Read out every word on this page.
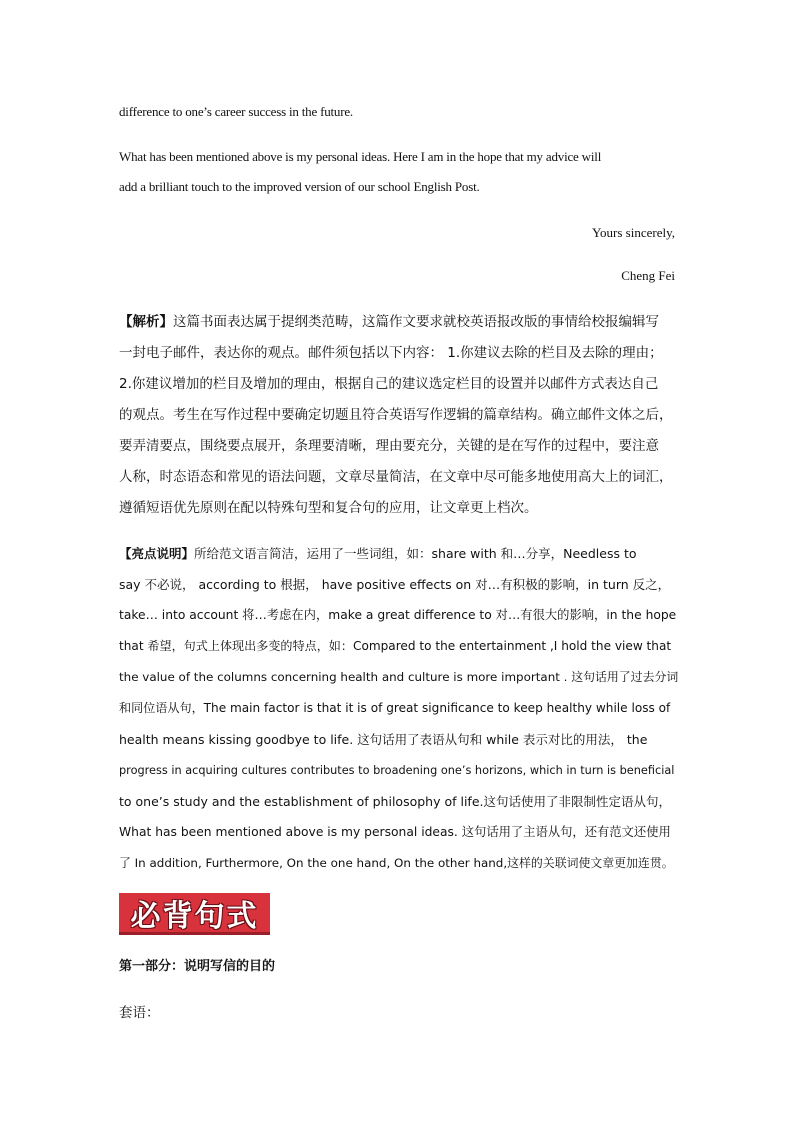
difference to one’s career success in the future.
What has been mentioned above is my personal ideas. Here I am in the hope that my advice will
add a brilliant touch to the improved version of our school English Post.
Yours sincerely,
Cheng Fei
【解析】这篇书面表达属于提纲类范畴，这篇作文要求就校英语报改版的事情给校报编辑写
一封电子邮件，表达你的观点。邮件须包括以下内容： 1.你建议去除的栏目及去除的理由；
2.你建议增加的栏目及增加的理由，根据自己的建议选定栏目的设置并以邮件方式表达自己
的观点。考生在写作过程中要确定切题且符合英语写作逻辑的篇章结构。确立邮件文体之后，
要弄清要点，围绕要点展开，条理要清晰，理由要充分，关键的是在写作的过程中，要注意
人称，时态语态和常见的语法问题，文章尽量简洁，在文章中尽可能多地使用高大上的词汇，
遵循短语优先原则在配以特殊句型和复合句的应用，让文章更上档次。
【亮点说明】所给范文语言简洁，运用了一些词组，如：share with 和…分享，Needless to
say 不必说， according to 根据， have positive effects on 对…有积极的影响，in turn 反之，
take… into account 将…考虑在内，make a great difference to 对…有很大的影响，in the hope
that 希望，句式上体现出多变的特点，如：Compared to the entertainment ,I hold the view that
the value of the columns concerning health and culture is more important . 这句话用了过去分词
和同位语从句，The main factor is that it is of great significance to keep healthy while loss of
health means kissing goodbye to life. 这句话用了表语从句和 while 表示对比的用法， the
progress in acquiring cultures contributes to broadening one’s horizons, which in turn is beneficial
to one’s study and the establishment of philosophy of life.这句话使用了非限制性定语从句，
What has been mentioned above is my personal ideas. 这句话用了主语从句，还有范文还使用
了 In addition, Furthermore, On the one hand, On the other hand,这样的关联词使文章更加连贯。
必背句式
第一部分：说明写信的目的
套语：
